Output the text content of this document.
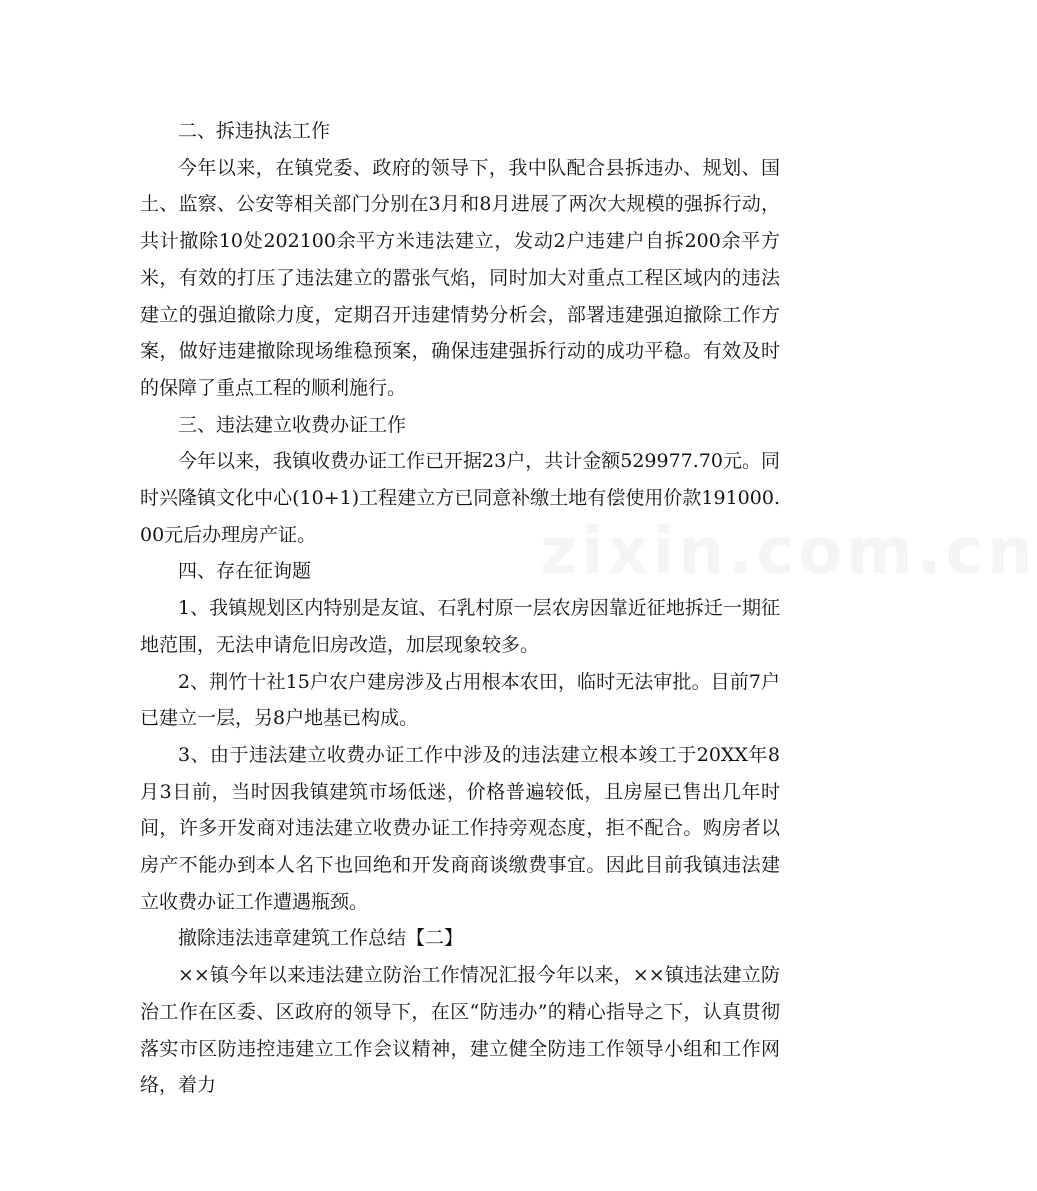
zixin.com.cn

二、拆违执法工作

今年以来，在镇党委、政府的领导下，我中队配合县拆违办、规划、国土、监察、公安等相关部门分别在3月和8月进展了两次大规模的强拆行动，共计撤除10处202100余平方米违法建立，发动2户违建户自拆200余平方米，有效的打压了违法建立的嚣张气焰，同时加大对重点工程区域内的违法建立的强迫撤除力度，定期召开违建情势分析会，部署违建强迫撤除工作方案，做好违建撤除现场维稳预案，确保违建强拆行动的成功平稳。有效及时的保障了重点工程的顺利施行。

三、违法建立收费办证工作

今年以来，我镇收费办证工作已开据23户，共计金额529977.70元。同时兴隆镇文化中心(10+1)工程建立方已同意补缴土地有偿使用价款191000.00元后办理房产证。

四、存在征询题

1、我镇规划区内特别是友谊、石乳村原一层农房因靠近征地拆迁一期征地范围，无法申请危旧房改造，加层现象较多。

2、荆竹十社15户农户建房涉及占用根本农田，临时无法审批。目前7户已建立一层，另8户地基已构成。

3、由于违法建立收费办证工作中涉及的违法建立根本竣工于20XX年8月3日前，当时因我镇建筑市场低迷，价格普遍较低，且房屋已售出几年时间，许多开发商对违法建立收费办证工作持旁观态度，拒不配合。购房者以房产不能办到本人名下也回绝和开发商商谈缴费事宜。因此目前我镇违法建立收费办证工作遭遇瓶颈。

撤除违法违章建筑工作总结【二】

××镇今年以来违法建立防治工作情况汇报今年以来，××镇违法建立防治工作在区委、区政府的领导下，在区“防违办”的精心指导之下，认真贯彻落实市区防违控违建立工作会议精神，建立健全防违工作领导小组和工作网络，着力
